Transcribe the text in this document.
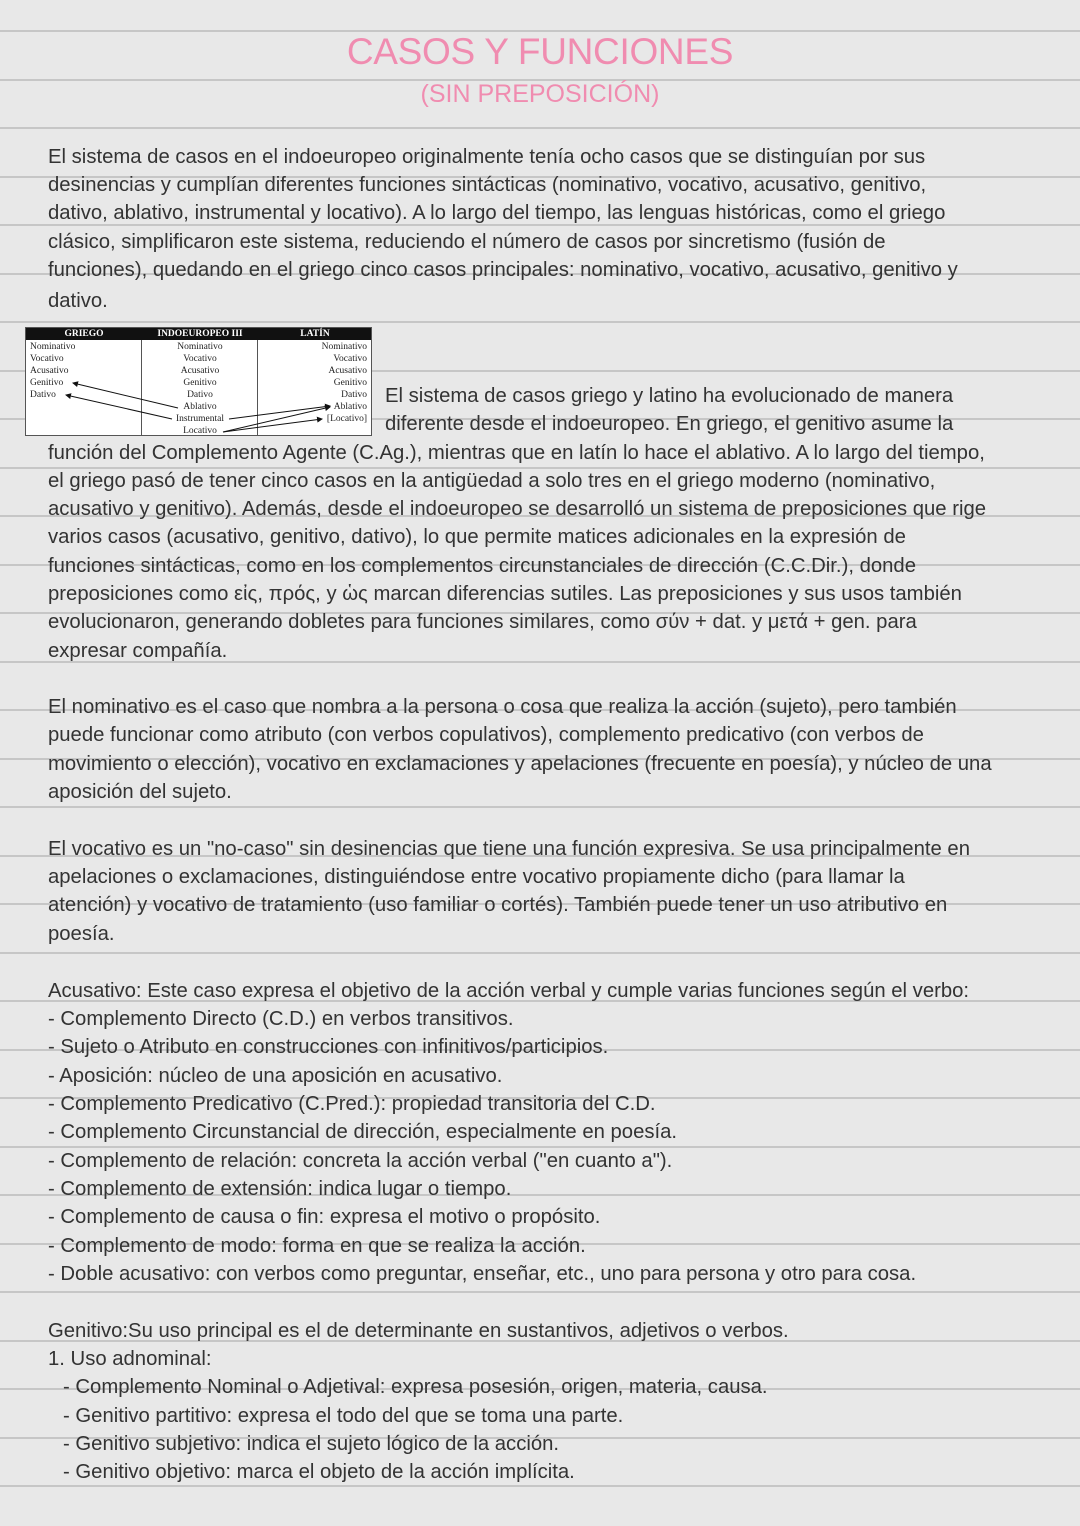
CASOS Y FUNCIONES
(SIN PREPOSICIÓN)
El sistema de casos en el indoeuropeo originalmente tenía ocho casos que se distinguían por sus
desinencias y cumplían diferentes funciones sintácticas (nominativo, vocativo, acusativo, genitivo,
dativo, ablativo, instrumental y locativo). A lo largo del tiempo, las lenguas históricas, como el griego
clásico, simplificaron este sistema, reduciendo el número de casos por sincretismo (fusión de
funciones), quedando en el griego cinco casos principales: nominativo, vocativo, acusativo, genitivo y
dativo.
GRIEGO	INDOEUROPEO III	LATÍN
Nominativo
Vocativo
Acusativo
Genitivo
Dativo
Nominativo
Vocativo
Acusativo
Genitivo
Dativo
Ablativo
Instrumental
Locativo
Nominativo
Vocativo
Acusativo
Genitivo
Dativo
Ablativo
[Locativo]
El sistema de casos griego y latino ha evolucionado de manera
diferente desde el indoeuropeo. En griego, el genitivo asume la
función del Complemento Agente (C.Ag.), mientras que en latín lo hace el ablativo. A lo largo del tiempo,
el griego pasó de tener cinco casos en la antigüedad a solo tres en el griego moderno (nominativo,
acusativo y genitivo). Además, desde el indoeuropeo se desarrolló un sistema de preposiciones que rige
varios casos (acusativo, genitivo, dativo), lo que permite matices adicionales en la expresión de
funciones sintácticas, como en los complementos circunstanciales de dirección (C.C.Dir.), donde
preposiciones como εἰς, πρός, y ὡς marcan diferencias sutiles. Las preposiciones y sus usos también
evolucionaron, generando dobletes para funciones similares, como σύν + dat. y μετά + gen. para
expresar compañía.
El nominativo es el caso que nombra a la persona o cosa que realiza la acción (sujeto), pero también
puede funcionar como atributo (con verbos copulativos), complemento predicativo (con verbos de
movimiento o elección), vocativo en exclamaciones y apelaciones (frecuente en poesía), y núcleo de una
aposición del sujeto.
El vocativo es un "no-caso" sin desinencias que tiene una función expresiva. Se usa principalmente en
apelaciones o exclamaciones, distinguiéndose entre vocativo propiamente dicho (para llamar la
atención) y vocativo de tratamiento (uso familiar o cortés). También puede tener un uso atributivo en
poesía.
Acusativo: Este caso expresa el objetivo de la acción verbal y cumple varias funciones según el verbo:
- Complemento Directo (C.D.) en verbos transitivos.
- Sujeto o Atributo en construcciones con infinitivos/participios.
- Aposición: núcleo de una aposición en acusativo.
- Complemento Predicativo (C.Pred.): propiedad transitoria del C.D.
- Complemento Circunstancial de dirección, especialmente en poesía.
- Complemento de relación: concreta la acción verbal ("en cuanto a").
- Complemento de extensión: indica lugar o tiempo.
- Complemento de causa o fin: expresa el motivo o propósito.
- Complemento de modo: forma en que se realiza la acción.
- Doble acusativo: con verbos como preguntar, enseñar, etc., uno para persona y otro para cosa.
Genitivo:Su uso principal es el de determinante en sustantivos, adjetivos o verbos.
1. Uso adnominal:
- Complemento Nominal o Adjetival: expresa posesión, origen, materia, causa.
- Genitivo partitivo: expresa el todo del que se toma una parte.
- Genitivo subjetivo: indica el sujeto lógico de la acción.
- Genitivo objetivo: marca el objeto de la acción implícita.
